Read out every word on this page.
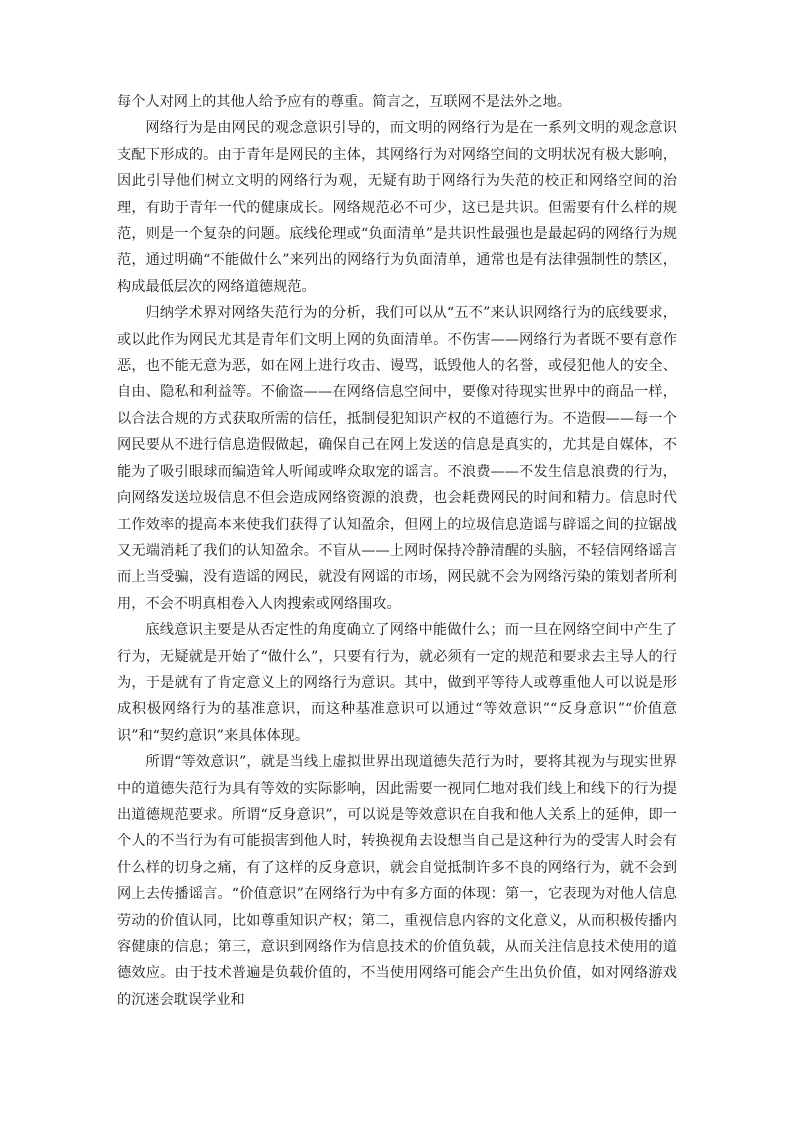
每个人对网上的其他人给予应有的尊重。简言之，互联网不是法外之地。

网络行为是由网民的观念意识引导的，而文明的网络行为是在一系列文明的观念意识支配下形成的。由于青年是网民的主体，其网络行为对网络空间的文明状况有极大影响，因此引导他们树立文明的网络行为观，无疑有助于网络行为失范的校正和网络空间的治理，有助于青年一代的健康成长。网络规范必不可少，这已是共识。但需要有什么样的规范，则是一个复杂的问题。底线伦理或“负面清单”是共识性最强也是最起码的网络行为规范，通过明确“不能做什么”来列出的网络行为负面清单，通常也是有法律强制性的禁区，构成最低层次的网络道德规范。

归纳学术界对网络失范行为的分析，我们可以从“五不”来认识网络行为的底线要求，或以此作为网民尤其是青年们文明上网的负面清单。不伤害——网络行为者既不要有意作恶，也不能无意为恶，如在网上进行攻击、谩骂，诋毁他人的名誉，或侵犯他人的安全、自由、隐私和利益等。不偷盗——在网络信息空间中，要像对待现实世界中的商品一样，以合法合规的方式获取所需的信任，抵制侵犯知识产权的不道德行为。不造假——每一个网民要从不进行信息造假做起，确保自己在网上发送的信息是真实的，尤其是自媒体，不能为了吸引眼球而编造耸人听闻或哗众取宠的谣言。不浪费——不发生信息浪费的行为，向网络发送垃圾信息不但会造成网络资源的浪费，也会耗费网民的时间和精力。信息时代工作效率的提高本来使我们获得了认知盈余，但网上的垃圾信息造谣与辟谣之间的拉锯战又无端消耗了我们的认知盈余。不盲从——上网时保持冷静清醒的头脑，不轻信网络谣言而上当受骗，没有造谣的网民，就没有网谣的市场，网民就不会为网络污染的策划者所利用，不会不明真相卷入人肉搜索或网络围攻。

底线意识主要是从否定性的角度确立了网络中能做什么；而一旦在网络空间中产生了行为，无疑就是开始了“做什么”，只要有行为，就必须有一定的规范和要求去主导人的行为，于是就有了肯定意义上的网络行为意识。其中，做到平等待人或尊重他人可以说是形成积极网络行为的基准意识，而这种基准意识可以通过“等效意识”“反身意识”“价值意识”和“契约意识”来具体体现。

所谓“等效意识”，就是当线上虚拟世界出现道德失范行为时，要将其视为与现实世界中的道德失范行为具有等效的实际影响，因此需要一视同仁地对我们线上和线下的行为提出道德规范要求。所谓“反身意识”，可以说是等效意识在自我和他人关系上的延伸，即一个人的不当行为有可能损害到他人时，转换视角去设想当自己是这种行为的受害人时会有什么样的切身之痛，有了这样的反身意识，就会自觉抵制许多不良的网络行为，就不会到网上去传播谣言。“价值意识”在网络行为中有多方面的体现：第一，它表现为对他人信息劳动的价值认同，比如尊重知识产权；第二，重视信息内容的文化意义，从而积极传播内容健康的信息；第三，意识到网络作为信息技术的价值负载，从而关注信息技术使用的道德效应。由于技术普遍是负载价值的，不当使用网络可能会产生出负价值，如对网络游戏的沉迷会耽误学业和
